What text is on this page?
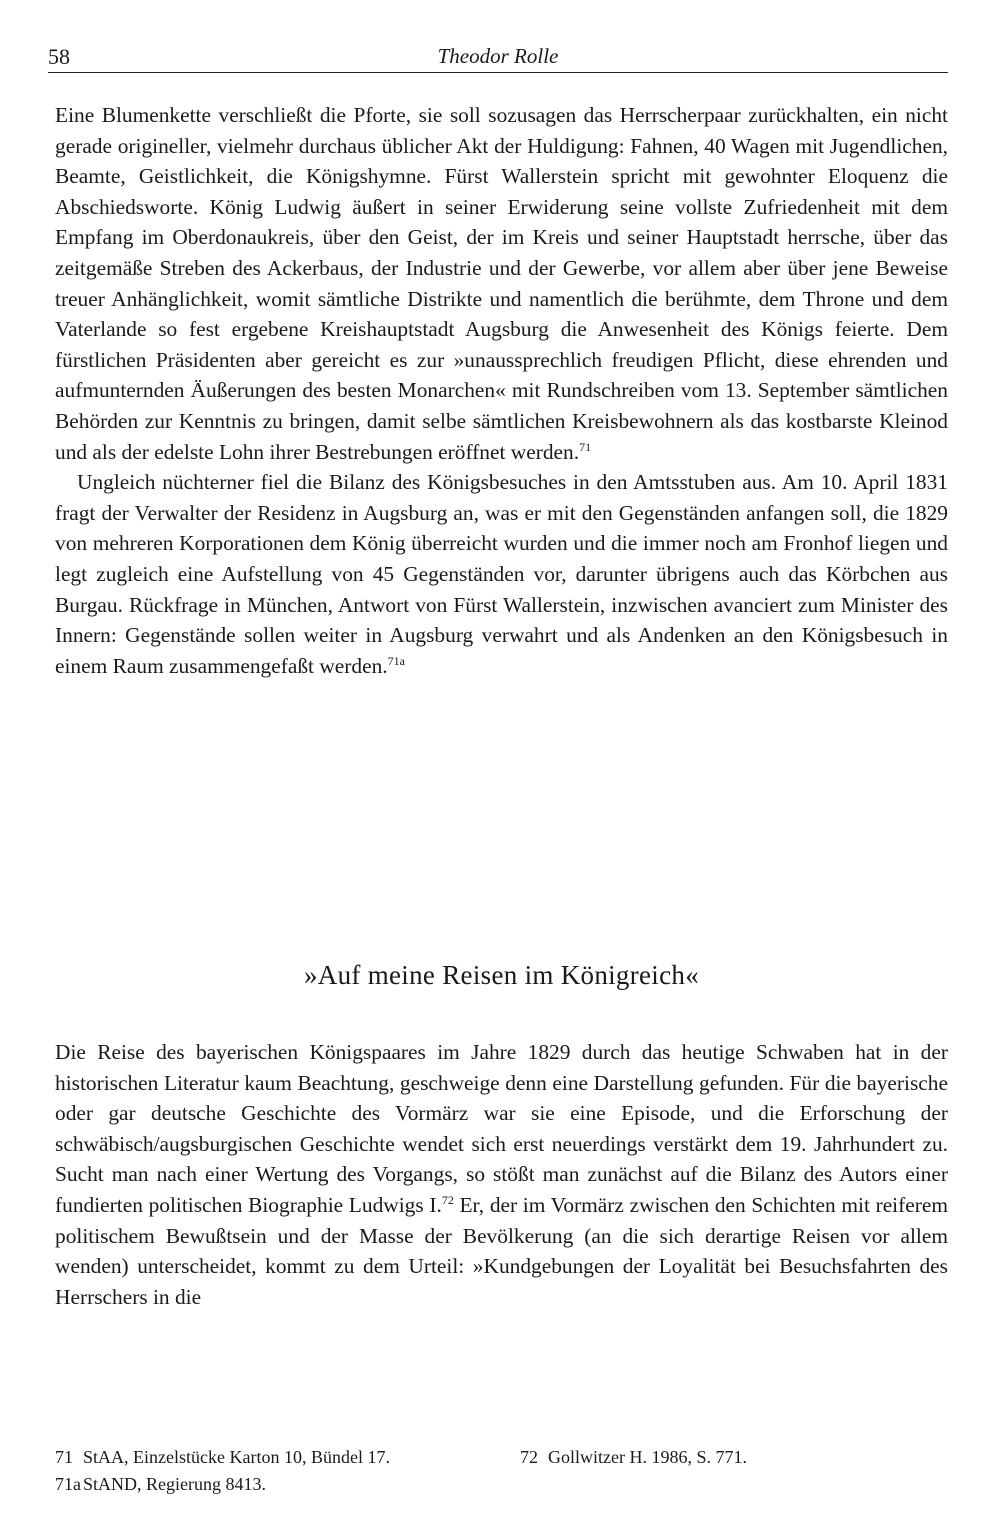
58	Theodor Rolle

Eine Blumenkette verschließt die Pforte, sie soll sozusagen das Herrscherpaar zurückhalten, ein nicht gerade origineller, vielmehr durchaus üblicher Akt der Huldigung: Fahnen, 40 Wagen mit Jugendlichen, Beamte, Geistlichkeit, die Königshymne. Fürst Wallerstein spricht mit gewohnter Eloquenz die Abschiedsworte. König Ludwig äußert in seiner Erwiderung seine vollste Zufriedenheit mit dem Empfang im Oberdonaukreis, über den Geist, der im Kreis und seiner Hauptstadt herrsche, über das zeitgemäße Streben des Ackerbaus, der Industrie und der Gewerbe, vor allem aber über jene Beweise treuer Anhänglichkeit, womit sämtliche Distrikte und namentlich die berühmte, dem Throne und dem Vaterlande so fest ergebene Kreishauptstadt Augsburg die Anwesenheit des Königs feierte. Dem fürstlichen Präsidenten aber gereicht es zur »unaussprechlich freudigen Pflicht, diese ehrenden und aufmunternden Äußerungen des besten Monarchen« mit Rundschreiben vom 13. September sämtlichen Behörden zur Kenntnis zu bringen, damit selbe sämtlichen Kreisbewohnern als das kostbarste Kleinod und als der edelste Lohn ihrer Bestrebungen eröffnet werden.$^{71}$

Ungleich nüchterner fiel die Bilanz des Königsbesuches in den Amtsstuben aus. Am 10. April 1831 fragt der Verwalter der Residenz in Augsburg an, was er mit den Gegenständen anfangen soll, die 1829 von mehreren Korporationen dem König überreicht wurden und die immer noch am Fronhof liegen und legt zugleich eine Aufstellung von 45 Gegenständen vor, darunter übrigens auch das Körbchen aus Burgau. Rückfrage in München, Antwort von Fürst Wallerstein, inzwischen avanciert zum Minister des Innern: Gegenstände sollen weiter in Augsburg verwahrt und als Andenken an den Königsbesuch in einem Raum zusammengefaßt werden.$^{71a}$

»Auf meine Reisen im Königreich«

Die Reise des bayerischen Königspaares im Jahre 1829 durch das heutige Schwaben hat in der historischen Literatur kaum Beachtung, geschweige denn eine Darstellung gefunden. Für die bayerische oder gar deutsche Geschichte des Vormärz war sie eine Episode, und die Erforschung der schwäbisch/augsburgischen Geschichte wendet sich erst neuerdings verstärkt dem 19. Jahrhundert zu. Sucht man nach einer Wertung des Vorgangs, so stößt man zunächst auf die Bilanz des Autors einer fundierten politischen Biographie Ludwigs I.$^{72}$ Er, der im Vormärz zwischen den Schichten mit reiferem politischem Bewußtsein und der Masse der Bevölkerung (an die sich derartige Reisen vor allem wenden) unterscheidet, kommt zu dem Urteil: »Kundgebungen der Loyalität bei Besuchsfahrten des Herrschers in die

71 StAA, Einzelstücke Karton 10, Bündel 17.	72 Gollwitzer H. 1986, S. 771.
71a StAND, Regierung 8413.
